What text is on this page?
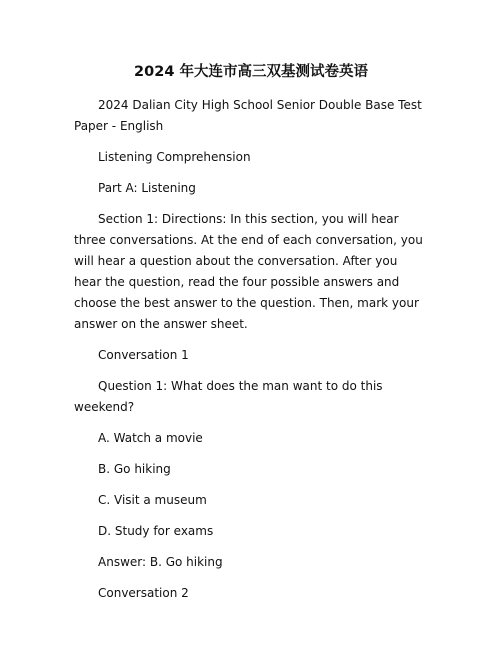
2024 年大连市高三双基测试卷英语

2024 Dalian City High School Senior Double Base Test Paper - English

Listening Comprehension

Part A: Listening

Section 1: Directions: In this section, you will hear three conversations. At the end of each conversation, you will hear a question about the conversation. After you hear the question, read the four possible answers and choose the best answer to the question. Then, mark your answer on the answer sheet.

Conversation 1

Question 1: What does the man want to do this weekend?

A. Watch a movie

B. Go hiking

C. Visit a museum

D. Study for exams

Answer: B. Go hiking

Conversation 2
